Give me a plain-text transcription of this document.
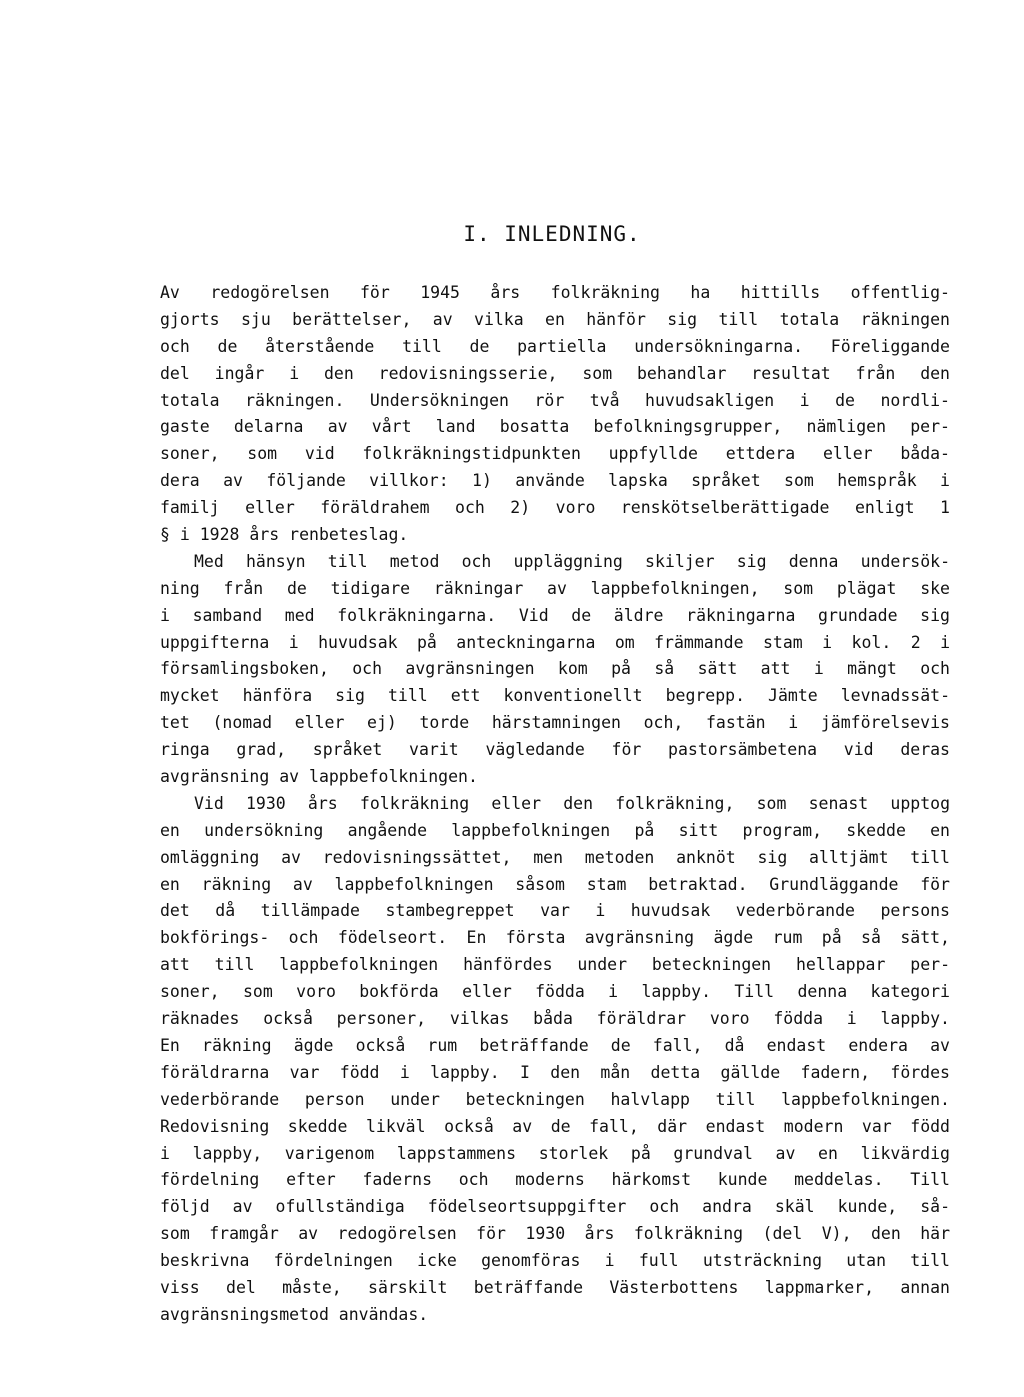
I. INLEDNING.
Av redogörelsen för 1945 års folkräkning ha hittills offentlig-
gjorts sju berättelser, av vilka en hänför sig till totala räkningen
och de återstående till de partiella undersökningarna. Föreliggande
del ingår i den redovisningsserie, som behandlar resultat från den
totala räkningen. Undersökningen rör två huvudsakligen i de nordli-
gaste delarna av vårt land bosatta befolkningsgrupper, nämligen per-
soner, som vid folkräkningstidpunkten uppfyllde ettdera eller båda-
dera av följande villkor: 1) använde lapska språket som hemspråk i
familj eller föräldrahem och 2) voro renskötselberättigade enligt 1
§ i 1928 års renbeteslag.
Med hänsyn till metod och uppläggning skiljer sig denna undersök-
ning från de tidigare räkningar av lappbefolkningen, som plägat ske
i samband med folkräkningarna. Vid de äldre räkningarna grundade sig
uppgifterna i huvudsak på anteckningarna om främmande stam i kol. 2 i
församlingsboken, och avgränsningen kom på så sätt att i mängt och
mycket hänföra sig till ett konventionellt begrepp. Jämte levnadssät-
tet (nomad eller ej) torde härstamningen och, fastän i jämförelsevis
ringa grad, språket varit vägledande för pastorsämbetena vid deras
avgränsning av lappbefolkningen.
Vid 1930 års folkräkning eller den folkräkning, som senast upptog
en undersökning angående lappbefolkningen på sitt program, skedde en
omläggning av redovisningssättet, men metoden anknöt sig alltjämt till
en räkning av lappbefolkningen såsom stam betraktad. Grundläggande för
det då tillämpade stambegreppet var i huvudsak vederbörande persons
bokförings- och födelseort. En första avgränsning ägde rum på så sätt,
att till lappbefolkningen hänfördes under beteckningen hellappar per-
soner, som voro bokförda eller födda i lappby. Till denna kategori
räknades också personer, vilkas båda föräldrar voro födda i lappby.
En räkning ägde också rum beträffande de fall, då endast endera av
föräldrarna var född i lappby. I den mån detta gällde fadern, fördes
vederbörande person under beteckningen halvlapp till lappbefolkningen.
Redovisning skedde likväl också av de fall, där endast modern var född
i lappby, varigenom lappstammens storlek på grundval av en likvärdig
fördelning efter faderns och moderns härkomst kunde meddelas. Till
följd av ofullständiga födelseortsuppgifter och andra skäl kunde, så-
som framgår av redogörelsen för 1930 års folkräkning (del V), den här
beskrivna fördelningen icke genomföras i full utsträckning utan till
viss del måste, särskilt beträffande Västerbottens lappmarker, annan
avgränsningsmetod användas.
